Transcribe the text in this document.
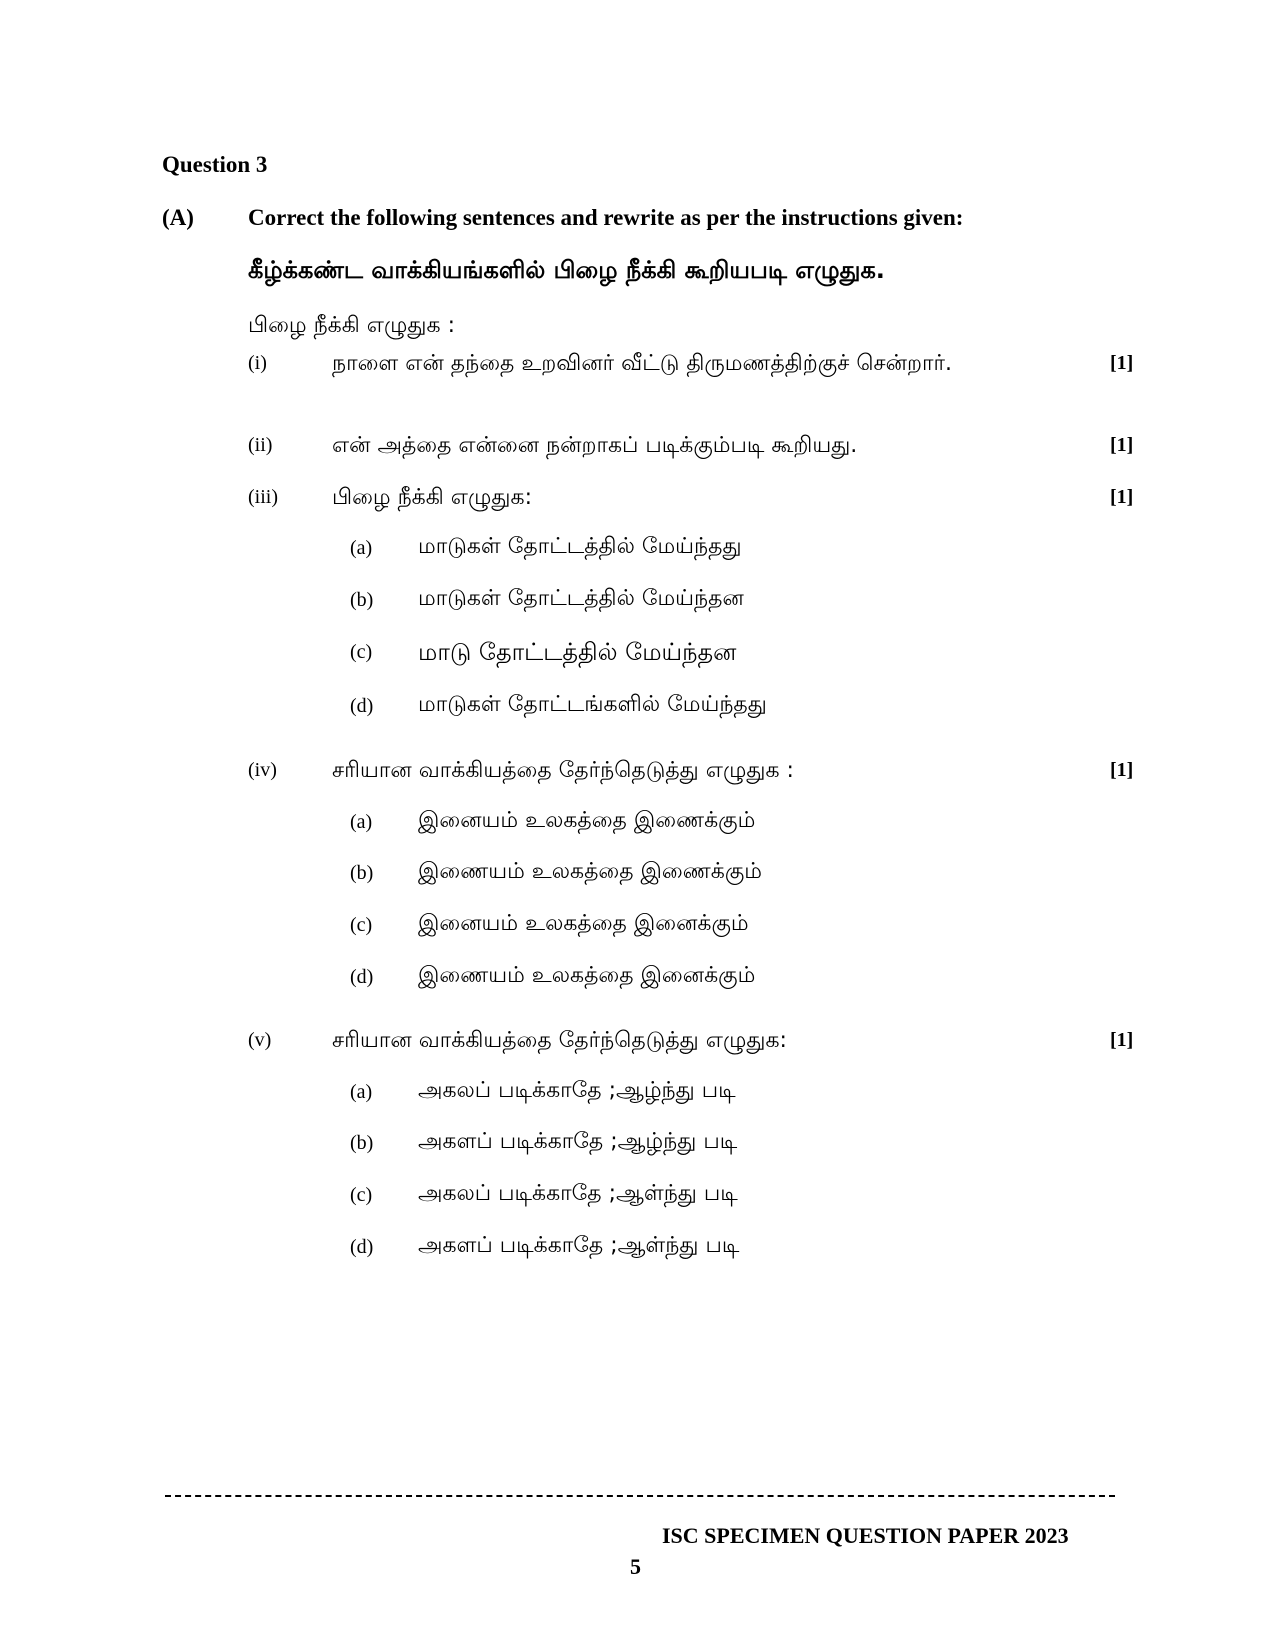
Question 3
(A) Correct the following sentences and rewrite as per the instructions given:
கீழ்க்கண்ட வாக்கியங்களில் பிழை நீக்கி கூறியபடி எழுதுக.
பிழை நீக்கி எழுதுக :
(i)	நாளை என் தந்தை உறவினர் வீட்டு திருமணத்திற்குச் சென்றார்.	[1]
(ii)	என் அத்தை என்னை நன்றாகப் படிக்கும்படி கூறியது.	[1]
(iii) பிழை நீக்கி எழுதுக:	[1]
(a) மாடுகள் தோட்டத்தில் மேய்ந்தது
(b) மாடுகள் தோட்டத்தில் மேய்ந்தன
(c) மாடு தோட்டத்தில் மேய்ந்தன
(d) மாடுகள் தோட்டங்களில் மேய்ந்தது
(iv)	சரியான வாக்கியத்தை தேர்ந்தெடுத்து எழுதுக :	[1]
(a) இனையம் உலகத்தை இணைக்கும்
(b) இணையம் உலகத்தை இணைக்கும்
(c) இனையம் உலகத்தை இனைக்கும்
(d) இணையம் உலகத்தை இனைக்கும்
(v)	சரியான வாக்கியத்தை தேர்ந்தெடுத்து எழுதுக:	[1]
(a) அகலப் படிக்காதே ;ஆழ்ந்து படி
(b) அகளப் படிக்காதே ;ஆழ்ந்து படி
(c) அகலப் படிக்காதே ;ஆள்ந்து படி
(d) அகளப் படிக்காதே ;ஆள்ந்து படி
ISC SPECIMEN QUESTION PAPER 2023
5
